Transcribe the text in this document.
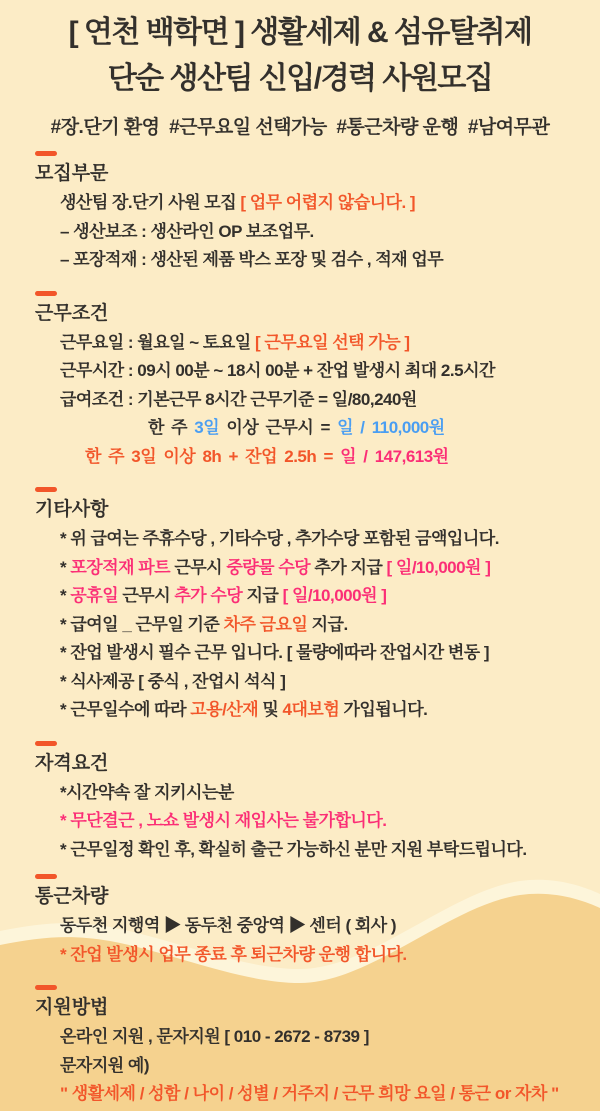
[ 연천 백학면 ] 생활세제 & 섬유탈취제
단순 생산팀 신입/경력 사원모집
#장.단기 환영  #근무요일 선택가능  #통근차량 운행  #남여무관
모집부문

생산팀 장.단기 사원 모집 [ 업무 어렵지 않습니다. ]

– 생산보조 : 생산라인 OP 보조업무.

– 포장적재 : 생산된 제품 박스 포장 및 검수 , 적재 업무

근무조건

근무요일 : 월요일 ~ 토요일 [ 근무요일 선택 가능 ]

근무시간 : 09시 00분 ~ 18시 00분 + 잔업 발생시 최대 2.5시간

급여조건 : 기본근무 8시간 근무기준 = 일/80,240원

한 주 3일 이상 근무시 = 일 / 110,000원

한 주 3일 이상 8h + 잔업 2.5h = 일 / 147,613원

기타사항

* 위 급여는 주휴수당 , 기타수당 , 추가수당 포함된 금액입니다.

* 포장적재 파트 근무시 중량물 수당 추가 지급 [ 일/10,000원 ]

* 공휴일 근무시 추가 수당 지급 [ 일/10,000원 ]

* 급여일 _ 근무일 기준 차주 금요일 지급.

* 잔업 발생시 필수 근무 입니다. [ 물량에따라 잔업시간 변동 ]

* 식사제공 [ 중식 , 잔업시 석식 ]

* 근무일수에 따라 고용/산재 및 4대보험 가입됩니다.

자격요건

*시간약속 잘 지키시는분

* 무단결근 , 노쇼 발생시 재입사는 불가합니다.

* 근무일정 확인 후, 확실히 출근 가능하신 분만 지원 부탁드립니다.

통근차량

동두천 지행역 ▶ 동두천 중앙역 ▶ 센터 ( 회사 )

* 잔업 발생시 업무 종료 후 퇴근차량 운행 합니다.

지원방법

온라인 지원 , 문자지원 [ 010 - 2672 - 8739 ]

문자지원 예)

" 생활세제 / 성함 / 나이 / 성별 / 거주지 / 근무 희망 요일 / 통근 or 자차 "
